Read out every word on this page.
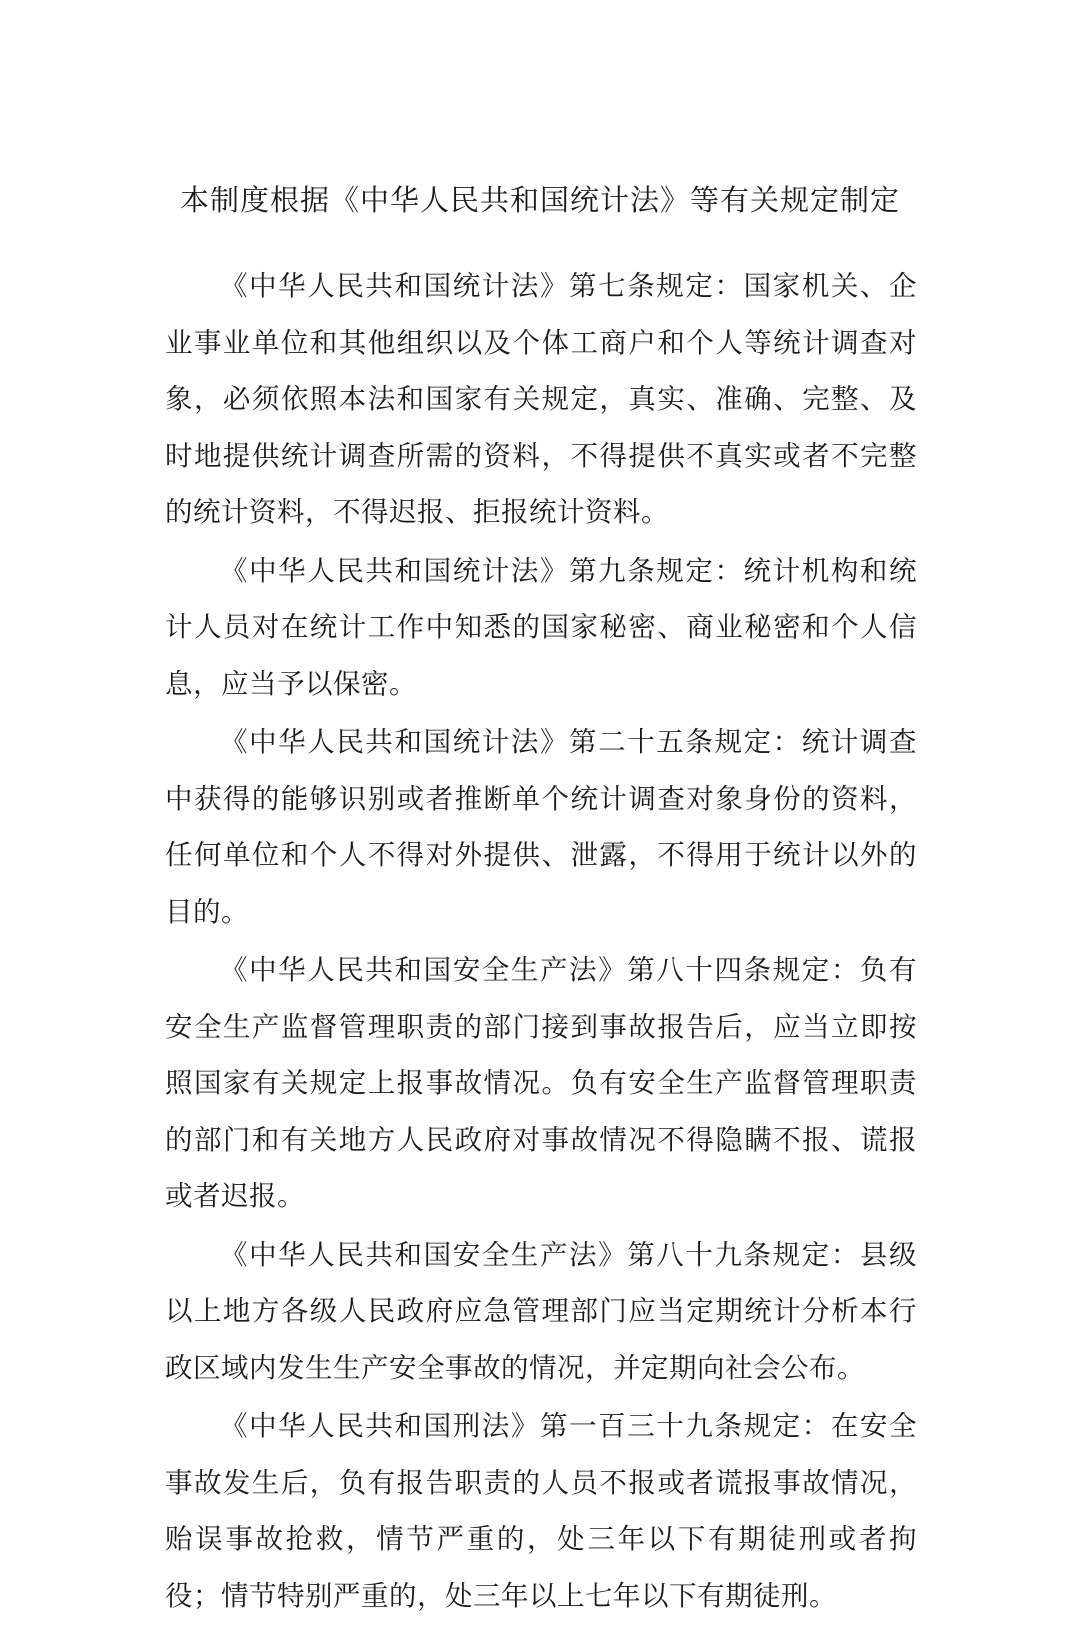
本制度根据《中华人民共和国统计法》等有关规定制定

《中华人民共和国统计法》第七条规定：国家机关、企业事业单位和其他组织以及个体工商户和个人等统计调查对象，必须依照本法和国家有关规定，真实、准确、完整、及时地提供统计调查所需的资料，不得提供不真实或者不完整的统计资料，不得迟报、拒报统计资料。

《中华人民共和国统计法》第九条规定：统计机构和统计人员对在统计工作中知悉的国家秘密、商业秘密和个人信息，应当予以保密。

《中华人民共和国统计法》第二十五条规定：统计调查中获得的能够识别或者推断单个统计调查对象身份的资料，任何单位和个人不得对外提供、泄露，不得用于统计以外的目的。

《中华人民共和国安全生产法》第八十四条规定：负有安全生产监督管理职责的部门接到事故报告后，应当立即按照国家有关规定上报事故情况。负有安全生产监督管理职责的部门和有关地方人民政府对事故情况不得隐瞒不报、谎报或者迟报。

《中华人民共和国安全生产法》第八十九条规定：县级以上地方各级人民政府应急管理部门应当定期统计分析本行政区域内发生生产安全事故的情况，并定期向社会公布。

《中华人民共和国刑法》第一百三十九条规定：在安全事故发生后，负有报告职责的人员不报或者谎报事故情况，贻误事故抢救，情节严重的，处三年以下有期徒刑或者拘役；情节特别严重的，处三年以上七年以下有期徒刑。
